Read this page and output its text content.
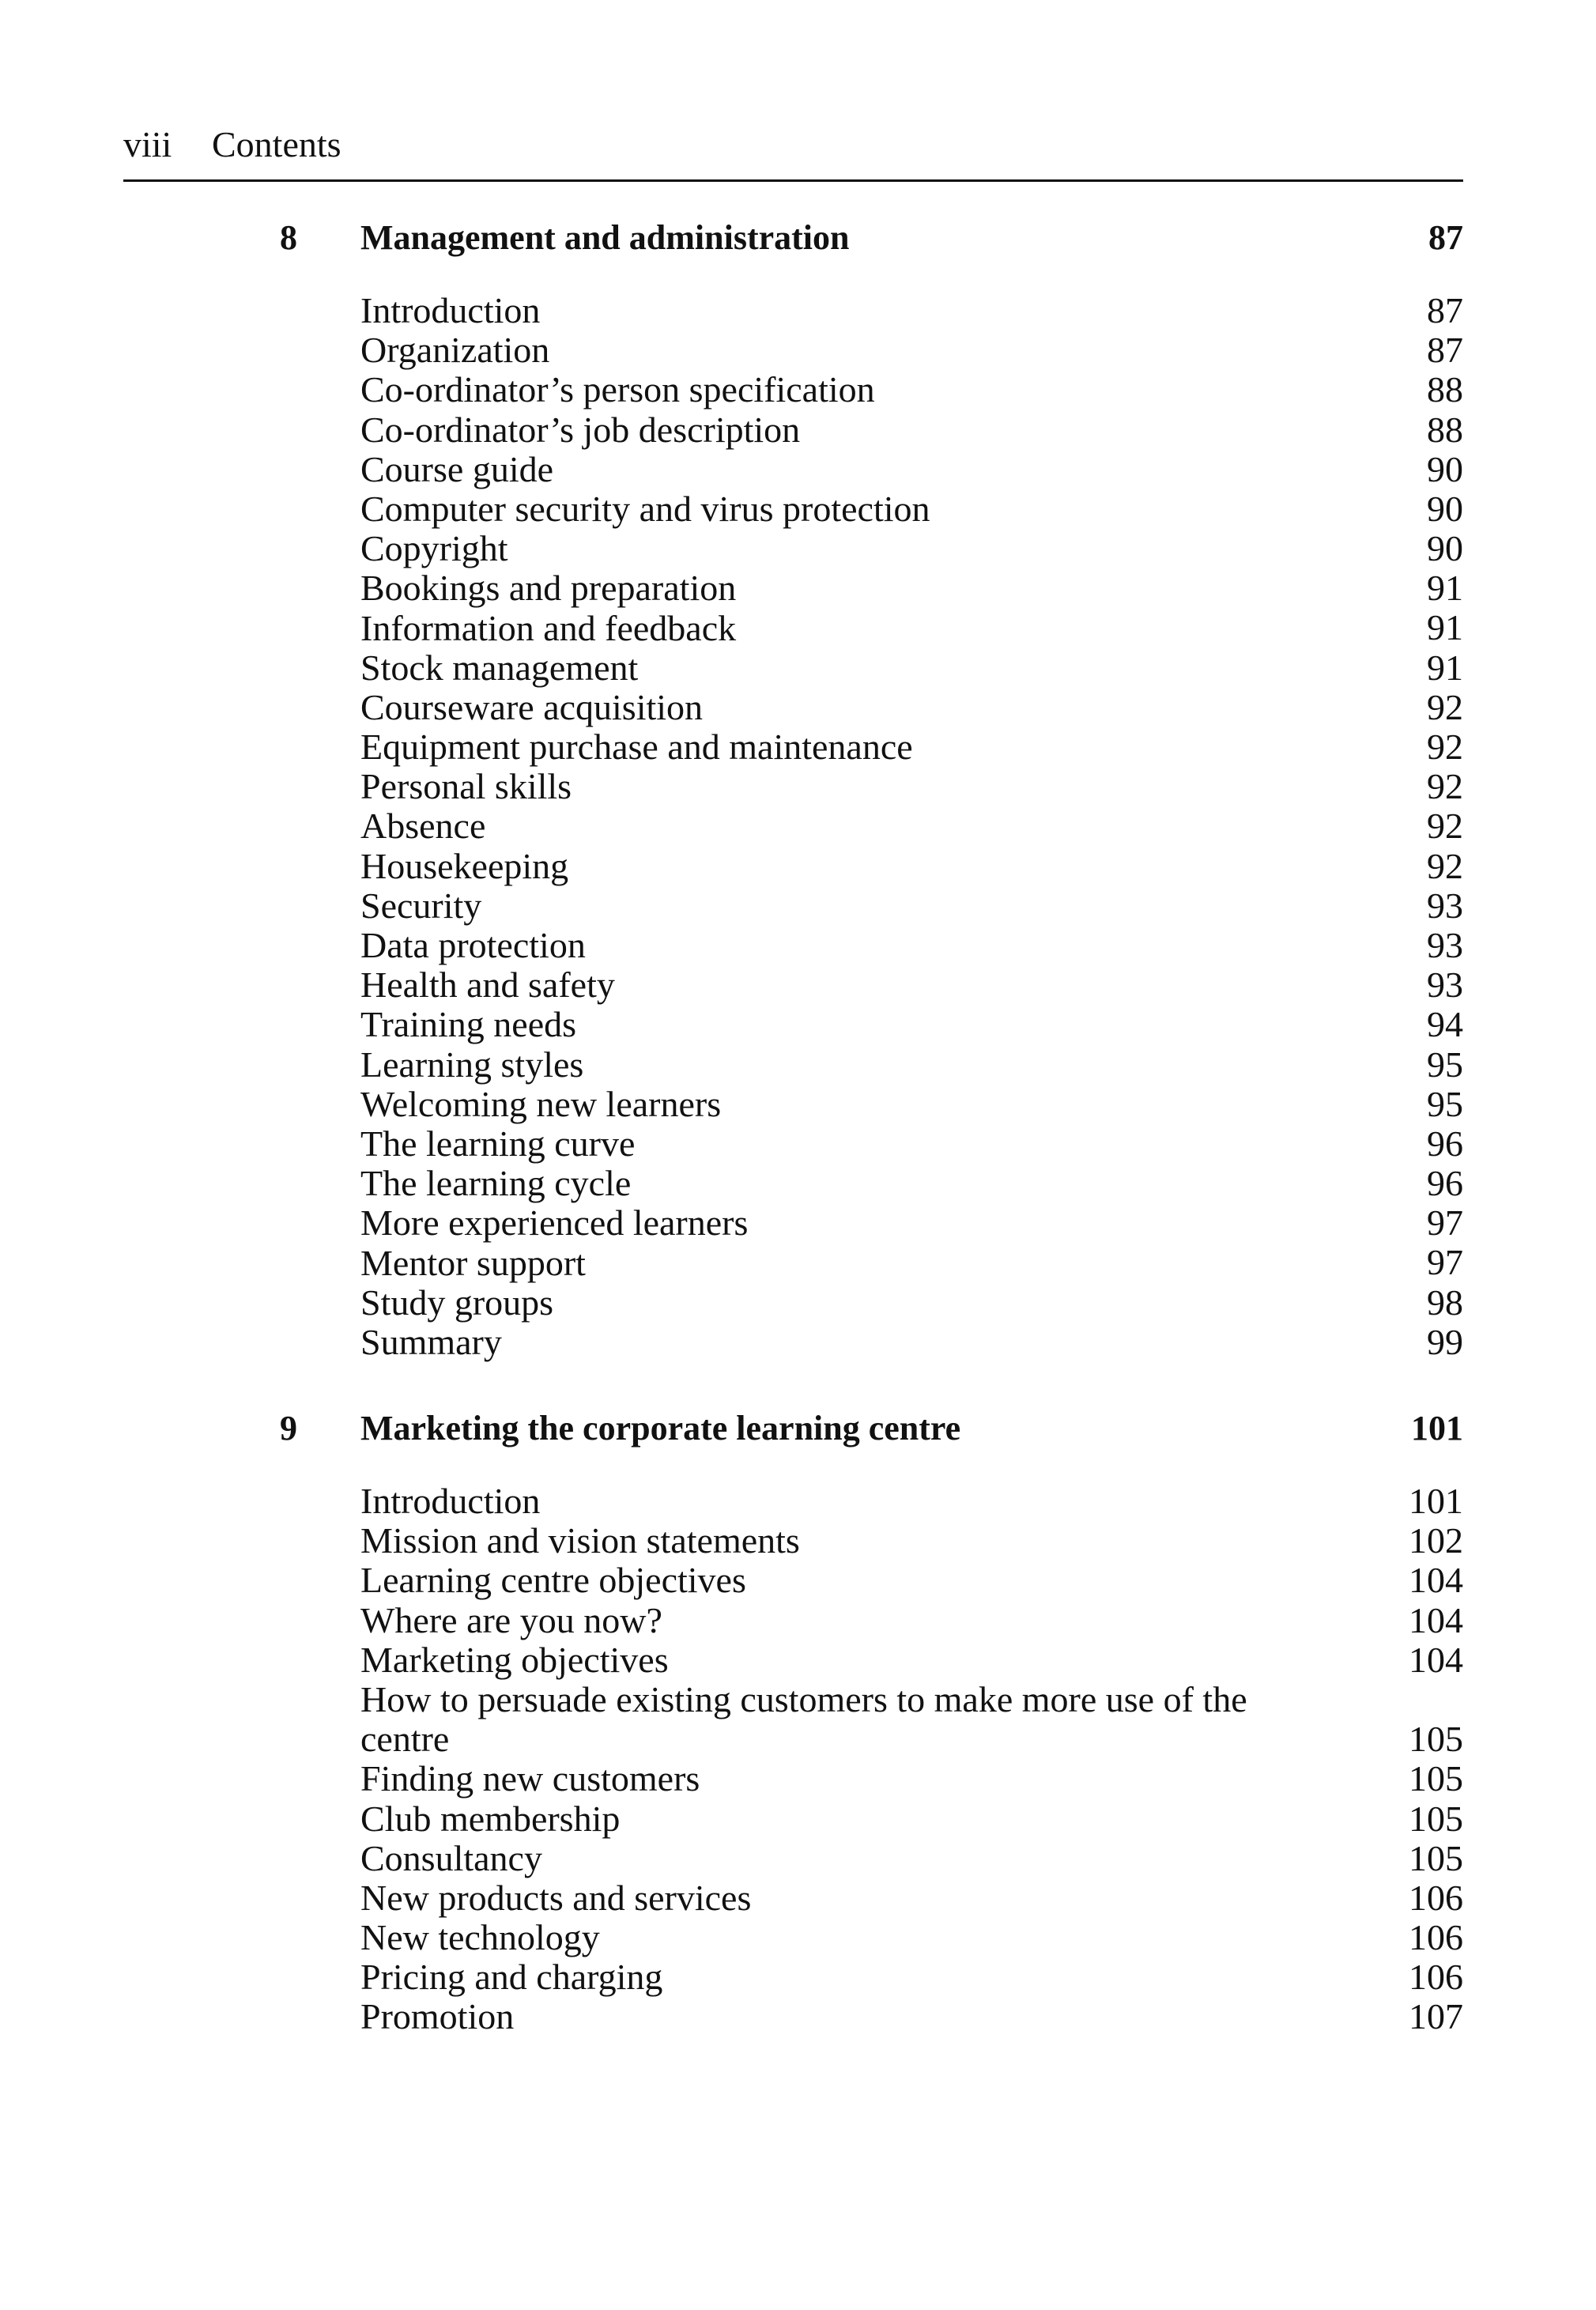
viii Contents
8 Management and administration	87
Introduction	87
Organization	87
Co-ordinator’s person specification	88
Co-ordinator’s job description	88
Course guide	90
Computer security and virus protection	90
Copyright	90
Bookings and preparation	91
Information and feedback	91
Stock management	91
Courseware acquisition	92
Equipment purchase and maintenance	92
Personal skills	92
Absence	92
Housekeeping	92
Security	93
Data protection	93
Health and safety	93
Training needs	94
Learning styles	95
Welcoming new learners	95
The learning curve	96
The learning cycle	96
More experienced learners	97
Mentor support	97
Study groups	98
Summary	99
9 Marketing the corporate learning centre	101
Introduction	101
Mission and vision statements	102
Learning centre objectives	104
Where are you now?	104
Marketing objectives	104
How to persuade existing customers to make more use of the centre	105
Finding new customers	105
Club membership	105
Consultancy	105
New products and services	106
New technology	106
Pricing and charging	106
Promotion	107
